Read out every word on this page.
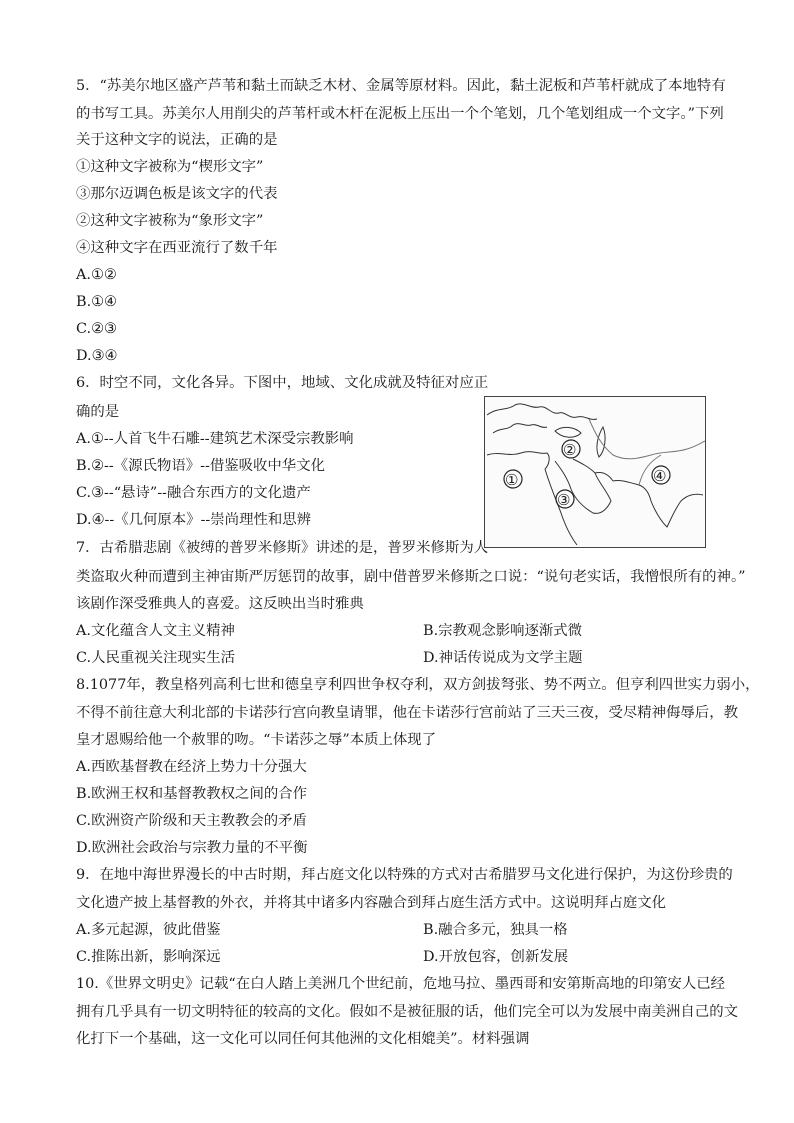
5．“苏美尔地区盛产芦苇和黏土而缺乏木材、金属等原材料。因此，黏土泥板和芦苇杆就成了本地特有
的书写工具。苏美尔人用削尖的芦苇杆或木杆在泥板上压出一个个笔划，几个笔划组成一个文字。”下列
关于这种文字的说法，正确的是
①这种文字被称为“楔形文字”
③那尔迈调色板是该文字的代表
②这种文字被称为“象形文字”
④这种文字在西亚流行了数千年
A.①②
B.①④
C.②③
D.③④
6．时空不同，文化各异。下图中，地域、文化成就及特征对应正
确的是
A.①--人首飞牛石雕--建筑艺术深受宗教影响
B.②--《源氏物语》--借鉴吸收中华文化
C.③--“悬诗”--融合东西方的文化遗产
D.④--《几何原本》--崇尚理性和思辨
①
②
③
④
7．古希腊悲剧《被缚的普罗米修斯》讲述的是，普罗米修斯为人
类盗取火种而遭到主神宙斯严厉惩罚的故事，剧中借普罗米修斯之口说：“说句老实话，我憎恨所有的神。”
该剧作深受雅典人的喜爱。这反映出当时雅典
A.文化蕴含人文主义精神	B.宗教观念影响逐渐式微
C.人民重视关注现实生活	D.神话传说成为文学主题
8.1077年，教皇格列高利七世和德皇亨利四世争权夺利，双方剑拔弩张、势不两立。但亨利四世实力弱小，
不得不前往意大利北部的卡诺莎行宫向教皇请罪，他在卡诺莎行宫前站了三天三夜，受尽精神侮辱后，教
皇才恩赐给他一个赦罪的吻。“卡诺莎之辱”本质上体现了
A.西欧基督教在经济上势力十分强大
B.欧洲王权和基督教教权之间的合作
C.欧洲资产阶级和天主教教会的矛盾
D.欧洲社会政治与宗教力量的不平衡
9．在地中海世界漫长的中古时期，拜占庭文化以特殊的方式对古希腊罗马文化进行保护，为这份珍贵的
文化遗产披上基督教的外衣，并将其中诸多内容融合到拜占庭生活方式中。这说明拜占庭文化
A.多元起源，彼此借鉴	B.融合多元，独具一格
C.推陈出新，影响深远	D.开放包容，创新发展
10.《世界文明史》记载“在白人踏上美洲几个世纪前，危地马拉、墨西哥和安第斯高地的印第安人已经
拥有几乎具有一切文明特征的较高的文化。假如不是被征服的话，他们完全可以为发展中南美洲自己的文
化打下一个基础，这一文化可以同任何其他洲的文化相媲美”。材料强调
